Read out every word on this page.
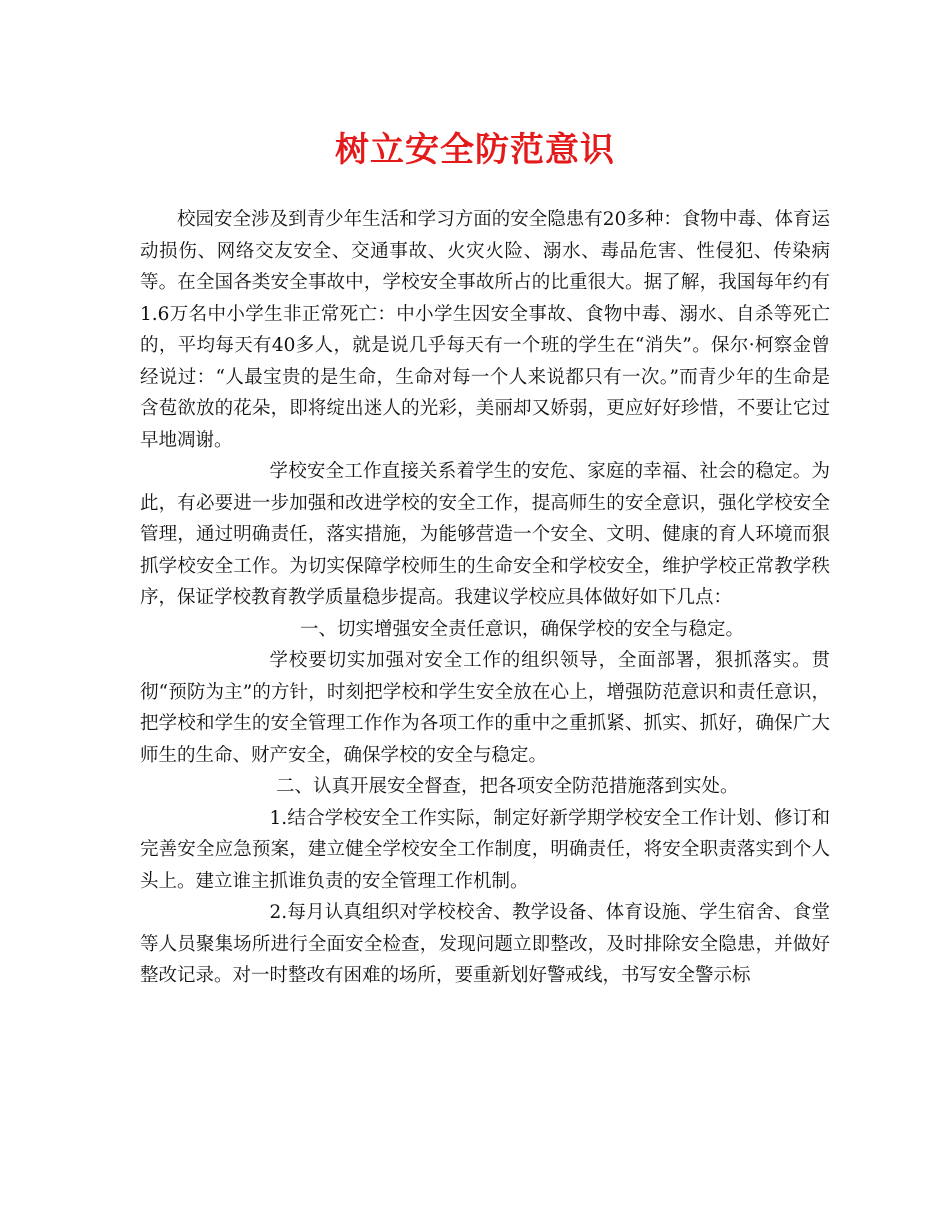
树立安全防范意识

校园安全涉及到青少年生活和学习方面的安全隐患有20多种：食物中毒、体育运动损伤、网络交友安全、交通事故、火灾火险、溺水、毒品危害、性侵犯、传染病等。在全国各类安全事故中，学校安全事故所占的比重很大。据了解，我国每年约有1.6万名中小学生非正常死亡：中小学生因安全事故、食物中毒、溺水、自杀等死亡的，平均每天有40多人，就是说几乎每天有一个班的学生在“消失”。保尔·柯察金曾经说过：“人最宝贵的是生命，生命对每一个人来说都只有一次。”而青少年的生命是含苞欲放的花朵，即将绽出迷人的光彩，美丽却又娇弱，更应好好珍惜，不要让它过早地凋谢。

学校安全工作直接关系着学生的安危、家庭的幸福、社会的稳定。为此，有必要进一步加强和改进学校的安全工作，提高师生的安全意识，强化学校安全管理，通过明确责任，落实措施，为能够营造一个安全、文明、健康的育人环境而狠抓学校安全工作。为切实保障学校师生的生命安全和学校安全，维护学校正常教学秩序，保证学校教育教学质量稳步提高。我建议学校应具体做好如下几点：

一、切实增强安全责任意识，确保学校的安全与稳定。

学校要切实加强对安全工作的组织领导，全面部署，狠抓落实。贯彻“预防为主”的方针，时刻把学校和学生安全放在心上，增强防范意识和责任意识，把学校和学生的安全管理工作作为各项工作的重中之重抓紧、抓实、抓好，确保广大师生的生命、财产安全，确保学校的安全与稳定。

二、认真开展安全督查，把各项安全防范措施落到实处。

1.结合学校安全工作实际，制定好新学期学校安全工作计划、修订和完善安全应急预案，建立健全学校安全工作制度，明确责任，将安全职责落实到个人头上。建立谁主抓谁负责的安全管理工作机制。

2.每月认真组织对学校校舍、教学设备、体育设施、学生宿舍、食堂等人员聚集场所进行全面安全检查，发现问题立即整改，及时排除安全隐患，并做好整改记录。对一时整改有困难的场所，要重新划好警戒线，书写安全警示标
